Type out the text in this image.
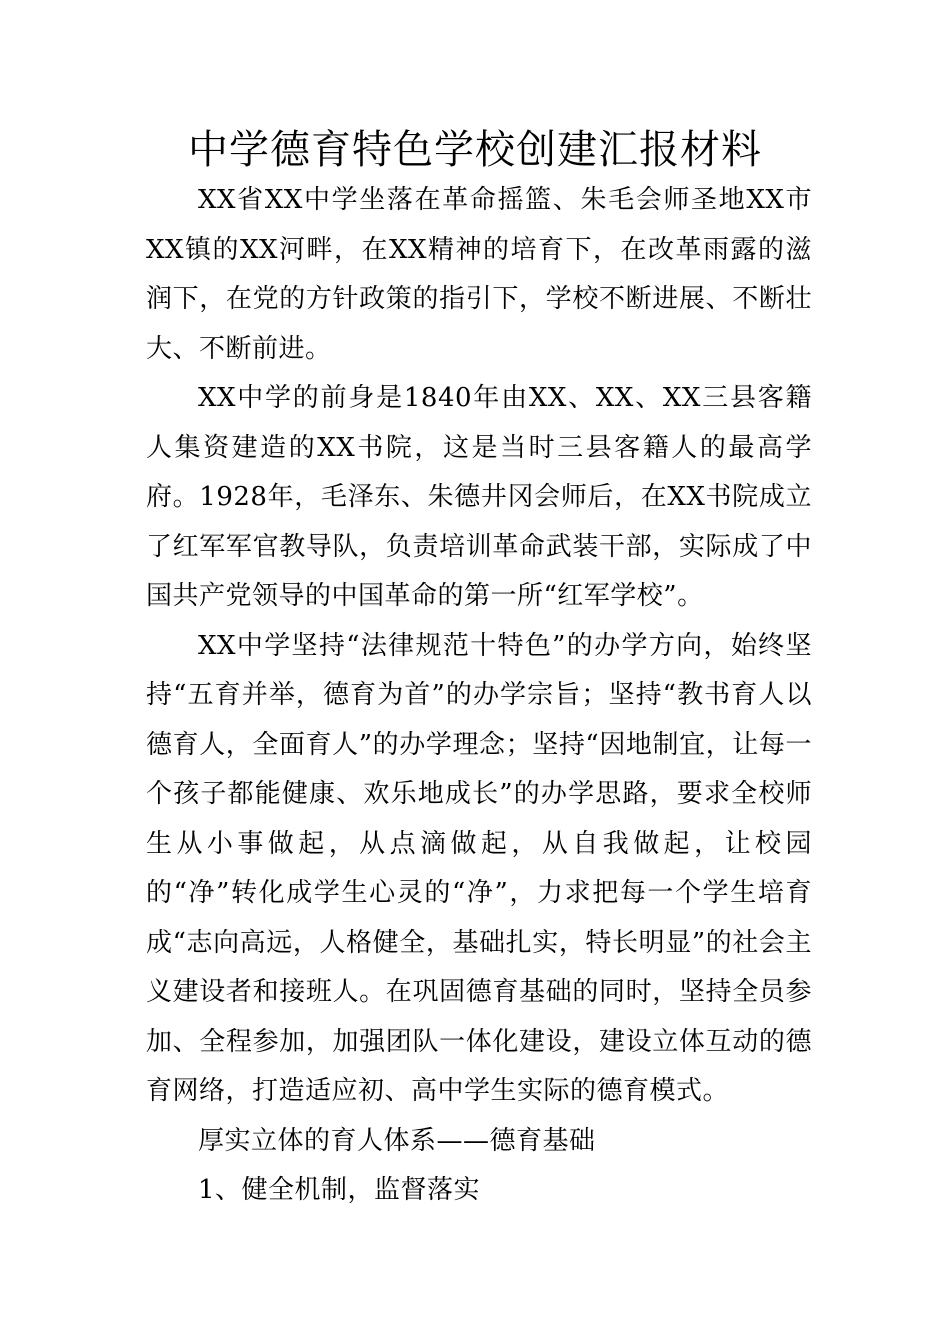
中学德育特色学校创建汇报材料

XX省XX中学坐落在革命摇篮、朱毛会师圣地XX市XX镇的XX河畔，在XX精神的培育下，在改革雨露的滋润下，在党的方针政策的指引下，学校不断进展、不断壮大、不断前进。

XX中学的前身是1840年由XX、XX、XX三县客籍人集资建造的XX书院，这是当时三县客籍人的最高学府。1928年，毛泽东、朱德井冈会师后，在XX书院成立了红军军官教导队，负责培训革命武装干部，实际成了中国共产党领导的中国革命的第一所“红军学校”。

XX中学坚持“法律规范十特色”的办学方向，始终坚持“五育并举，德育为首”的办学宗旨；坚持“教书育人以德育人，全面育人”的办学理念；坚持“因地制宜，让每一个孩子都能健康、欢乐地成长”的办学思路，要求全校师生从小事做起，从点滴做起，从自我做起，让校园的“净”转化成学生心灵的“净”，力求把每一个学生培育成“志向高远，人格健全，基础扎实，特长明显”的社会主义建设者和接班人。在巩固德育基础的同时，坚持全员参加、全程参加，加强团队一体化建设，建设立体互动的德育网络，打造适应初、高中学生实际的德育模式。

厚实立体的育人体系——德育基础

1、健全机制，监督落实
